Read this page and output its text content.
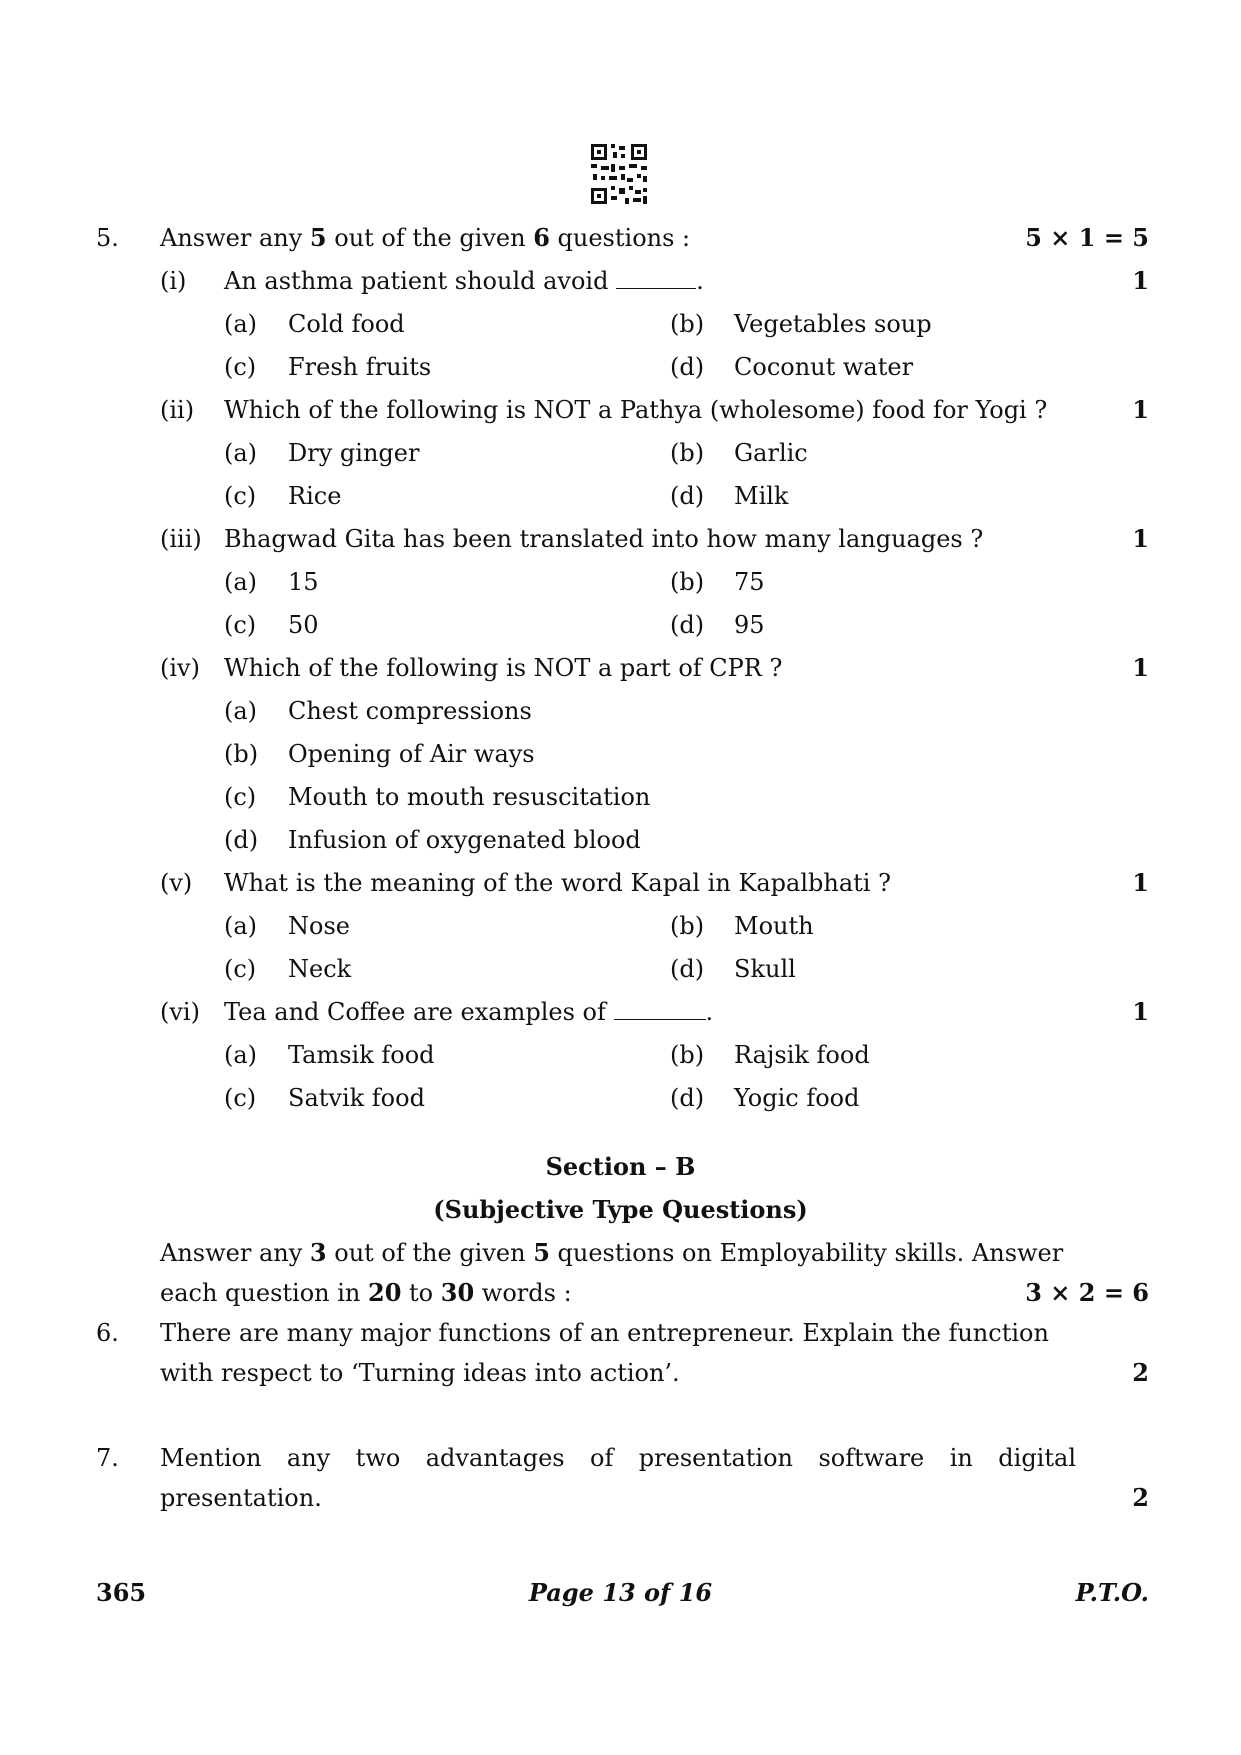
5. Answer any 5 out of the given 6 questions :	5 × 1 = 5
(i) An asthma patient should avoid	.	1
(a) Cold food	(b) Vegetables soup
(c) Fresh fruits	(d) Coconut water
(ii) Which of the following is NOT a Pathya (wholesome) food for Yogi ?	1
(a) Dry ginger	(b) Garlic
(c) Rice	(d) Milk
(iii) Bhagwad Gita has been translated into how many languages ?	1
(a) 15	(b) 75
(c) 50	(d) 95
(iv) Which of the following is NOT a part of CPR ?	1
(a) Chest compressions
(b) Opening of Air ways
(c) Mouth to mouth resuscitation
(d) Infusion of oxygenated blood
(v) What is the meaning of the word Kapal in Kapalbhati ?	1
(a) Nose	(b) Mouth
(c) Neck	(d) Skull
(vi) Tea and Coffee are examples of	.	1
(a) Tamsik food	(b) Rajsik food
(c) Satvik food	(d) Yogic food
Section – B
(Subjective Type Questions)
Answer any 3 out of the given 5 questions on Employability skills. Answer
each question in 20 to 30 words :	3 × 2 = 6
6. There are many major functions of an entrepreneur. Explain the function
with respect to ‘Turning ideas into action’.	2
7. Mention any two advantages of presentation software in digital
presentation.	2
365	Page 13 of 16	P.T.O.
